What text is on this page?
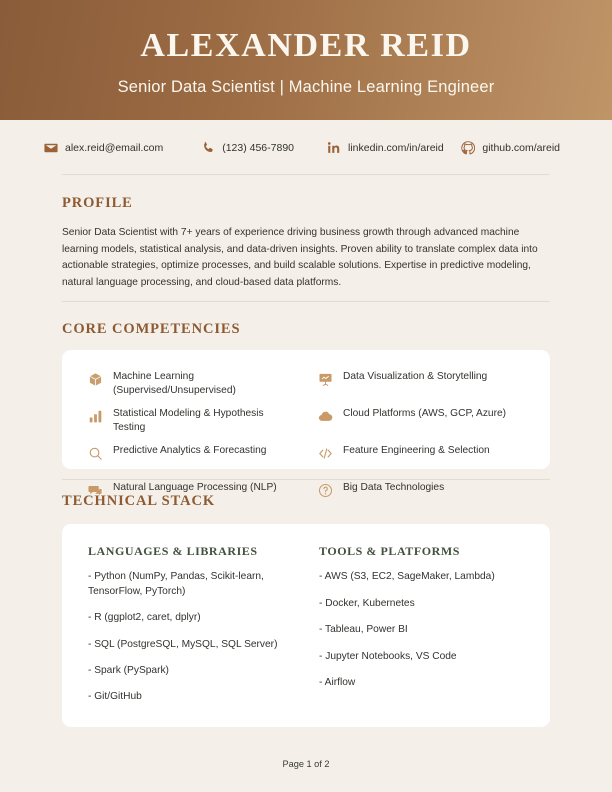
ALEXANDER REID
Senior Data Scientist | Machine Learning Engineer
alex.reid@email.com	(123) 456-7890	linkedin.com/in/areid	github.com/areid
PROFILE
Senior Data Scientist with 7+ years of experience driving business growth through advanced machine learning models, statistical analysis, and data-driven insights. Proven ability to translate complex data into actionable strategies, optimize processes, and build scalable solutions. Expertise in predictive modeling, natural language processing, and cloud-based data platforms.
CORE COMPETENCIES
Machine Learning (Supervised/Unsupervised)
Data Visualization & Storytelling
Statistical Modeling & Hypothesis Testing
Cloud Platforms (AWS, GCP, Azure)
Predictive Analytics & Forecasting	Feature Engineering & Selection
Natural Language Processing (NLP)	Big Data Technologies
TECHNICAL STACK
LANGUAGES & LIBRARIES
- Python (NumPy, Pandas, Scikit-learn, TensorFlow, PyTorch)
- R (ggplot2, caret, dplyr)
- SQL (PostgreSQL, MySQL, SQL Server)
- Spark (PySpark)
- Git/GitHub
TOOLS & PLATFORMS
- AWS (S3, EC2, SageMaker, Lambda)
- Docker, Kubernetes
- Tableau, Power BI
- Jupyter Notebooks, VS Code
- Airflow
Page 1 of 2
